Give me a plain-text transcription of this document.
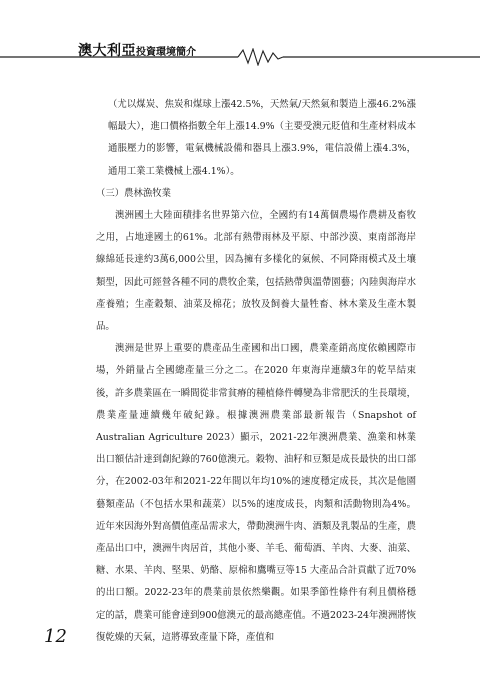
澳大利亞投資環境簡介

（尤以煤炭、焦炭和煤球上漲42.5%，天然氣/天然氣和製造上漲46.2%漲幅最大），進口價格指數全年上漲14.9%（主要受澳元貶值和生產材料成本通脹壓力的影響，電氣機械設備和器具上漲3.9%，電信設備上漲4.3%，通用工業工業機械上漲4.1%）。

（三）農林漁牧業

澳洲國土大陸面積排名世界第六位，全國約有14萬個農場作農耕及畜牧之用，占地達國土的61%。北部有熱帶雨林及平原、中部沙漠、東南部海岸線綿延長達約3萬6,000公里，因為擁有多樣化的氣候、不同降雨模式及土壤類型，因此可經營各種不同的農牧企業，包括熱帶與溫帶園藝；內陸與海岸水產養殖；生產穀類、油菜及棉花；放牧及飼養大量牲畜、林木業及生產木製品。

澳洲是世界上重要的農產品生產國和出口國，農業產銷高度依賴國際市場，外銷量占全國總產量三分之二。在2020 年東海岸連續3年的乾旱結束後，許多農業區在一瞬間從非常貧瘠的種植條件轉變為非常肥沃的生長環境，農業產量連續幾年破紀錄。根據澳洲農業部最新報告（Snapshot of Australian Agriculture 2023）顯示，2021-22年澳洲農業、漁業和林業出口額估計達到創紀錄的760億澳元。穀物、油籽和豆類是成長最快的出口部分，在2002-03年和2021-22年間以年均10%的速度穩定成長，其次是他園藝類產品（不包括水果和蔬菜）以5%的速度成長，肉類和活動物則為4%。近年來因海外對高價值產品需求大，帶動澳洲牛肉、酒類及乳製品的生產，農產品出口中，澳洲牛肉居首，其他小麥、羊毛、葡萄酒、羊肉、大麥、油菜、糖、水果、羊肉、堅果、奶酪、原棉和鷹嘴豆等15 大產品合計貢獻了近70%的出口額。2022-23年的農業前景依然樂觀。如果季節性條件有利且價格穩定的話，農業可能會達到900億澳元的最高總產值。不過2023-24年澳洲將恢復乾燥的天氣，這將導致產量下降，產值和

12
